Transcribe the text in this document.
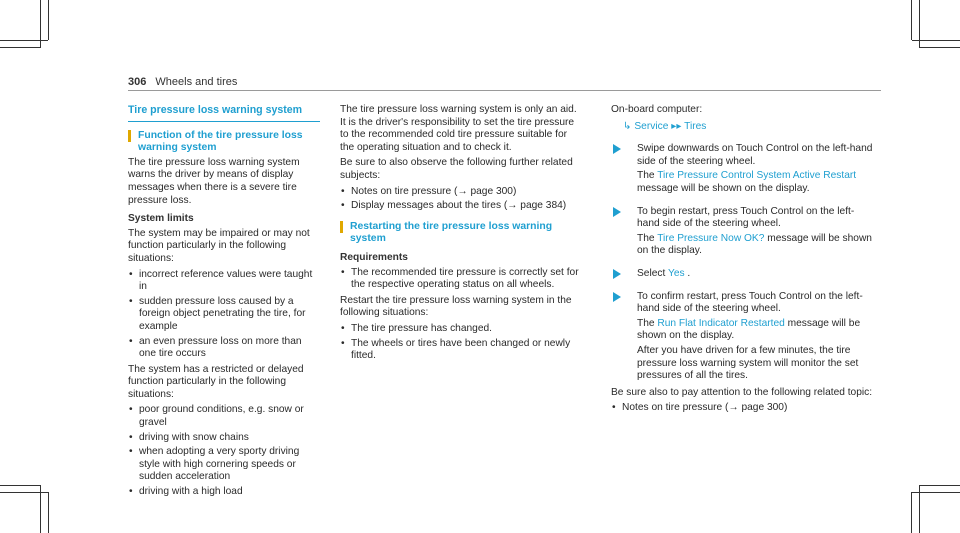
306 Wheels and tires
Tire pressure loss warning system
Function of the tire pressure loss warning system

The tire pressure loss warning system warns the driver by means of display messages when there is a severe tire pressure loss.

System limits

The system may be impaired or may not function particularly in the following situations:

• incorrect reference values were taught in
• sudden pressure loss caused by a foreign object penetrating the tire, for example
• an even pressure loss on more than one tire occurs

The system has a restricted or delayed function particularly in the following situations:

• poor ground conditions, e.g. snow or gravel
• driving with snow chains
• when adopting a very sporty driving style with high cornering speeds or sudden acceleration
• driving with a high load

The tire pressure loss warning system is only an aid. It is the driver's responsibility to set the tire pressure to the recommended cold tire pressure suitable for the operating situation and to check it.

Be sure to also observe the following further related subjects:

• Notes on tire pressure (→ page 300)
• Display messages about the tires (→ page 384)
Restarting the tire pressure loss warning system
Requirements
• The recommended tire pressure is correctly set for the respective operating status on all wheels.

Restart the tire pressure loss warning system in the following situations:

• The tire pressure has changed.
• The wheels or tires have been changed or newly fitted.

On-board computer:

↳ Service ▸▸ Tires

Swipe downwards on Touch Control on the left-hand side of the steering wheel.

The Tire Pressure Control System Active Restart message will be shown on the display.

To begin restart, press Touch Control on the left-hand side of the steering wheel.

The Tire Pressure Now OK? message will be shown on the display.

Select Yes .

To confirm restart, press Touch Control on the left-hand side of the steering wheel.

The Run Flat Indicator Restarted message will be shown on the display.

After you have driven for a few minutes, the tire pressure loss warning system will monitor the set pressures of all the tires.

Be sure also to pay attention to the following related topic:

• Notes on tire pressure (→ page 300)
